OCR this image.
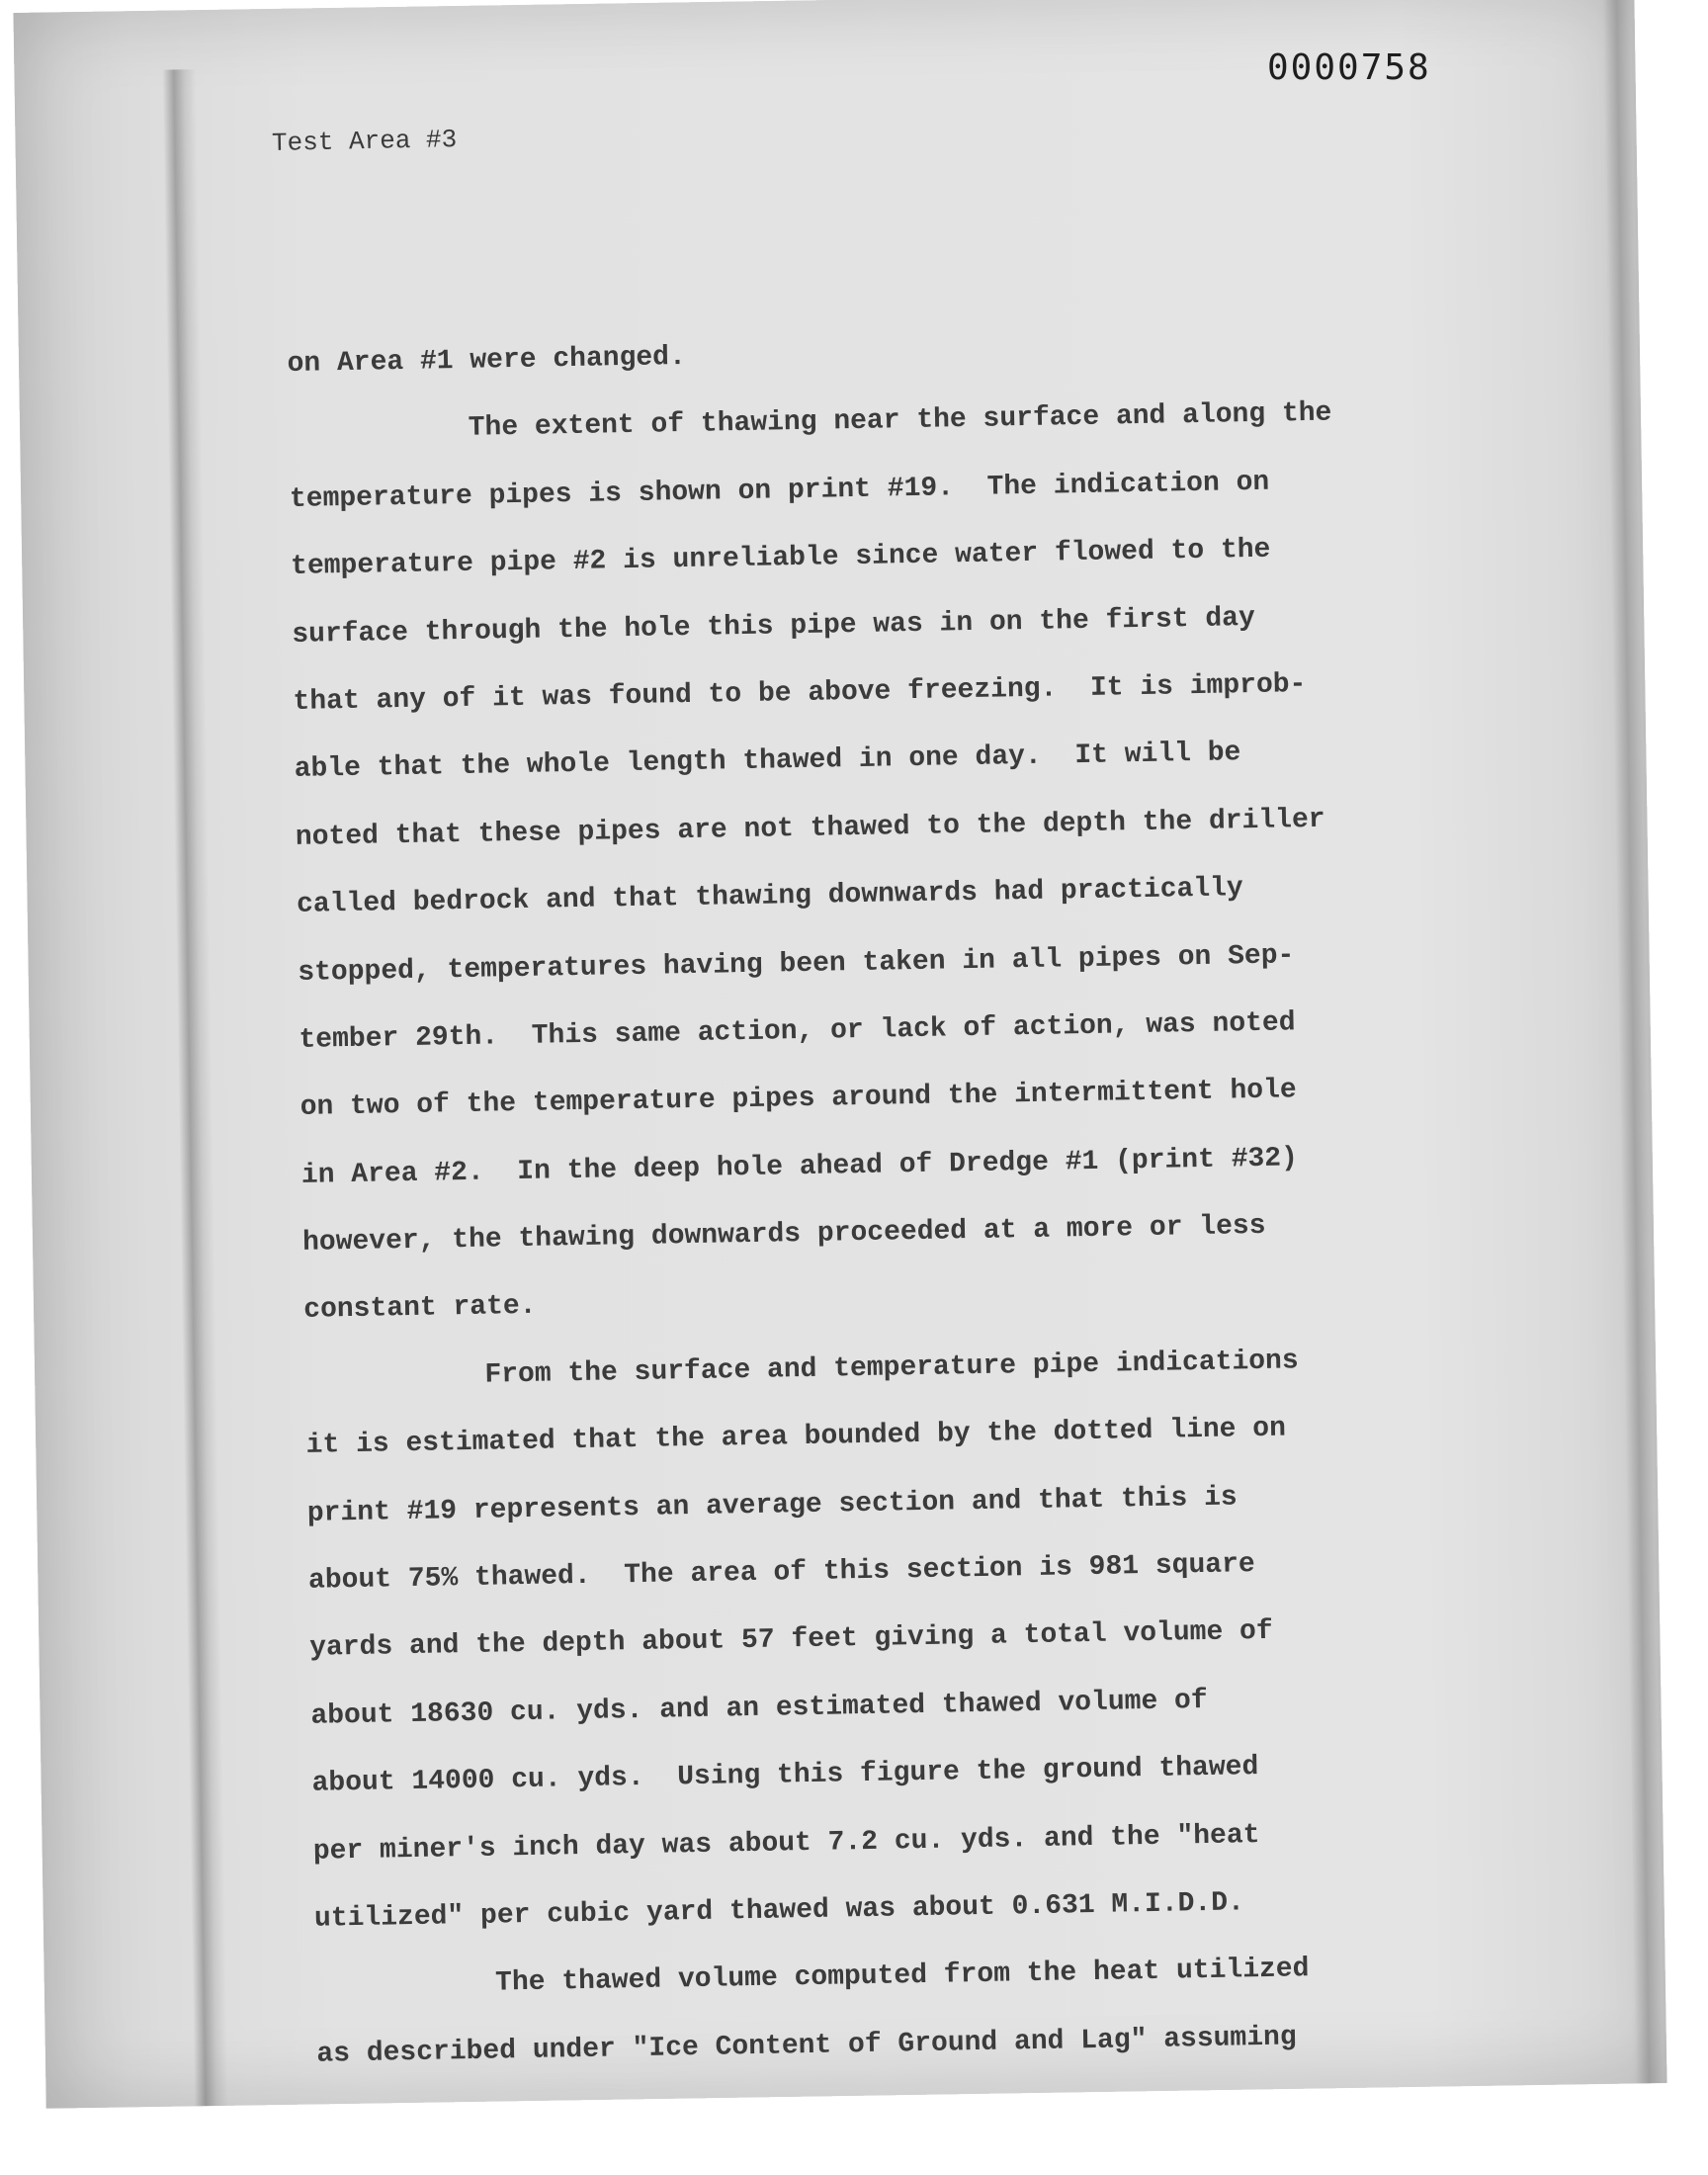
0000758
Test Area #3
on Area #1 were changed.
The extent of thawing near the surface and along the
temperature pipes is shown on print #19.  The indication on
temperature pipe #2 is unreliable since water flowed to the
surface through the hole this pipe was in on the first day
that any of it was found to be above freezing.  It is improb-
able that the whole length thawed in one day.  It will be
noted that these pipes are not thawed to the depth the driller
called bedrock and that thawing downwards had practically
stopped, temperatures having been taken in all pipes on Sep-
tember 29th.  This same action, or lack of action, was noted
on two of the temperature pipes around the intermittent hole
in Area #2.  In the deep hole ahead of Dredge #1 (print #32)
however, the thawing downwards proceeded at a more or less
constant rate.
From the surface and temperature pipe indications
it is estimated that the area bounded by the dotted line on
print #19 represents an average section and that this is
about 75% thawed.  The area of this section is 981 square
yards and the depth about 57 feet giving a total volume of
about 18630 cu. yds. and an estimated thawed volume of
about 14000 cu. yds.  Using this figure the ground thawed
per miner's inch day was about 7.2 cu. yds. and the "heat
utilized" per cubic yard thawed was about 0.631 M.I.D.D.
The thawed volume computed from the heat utilized
as described under "Ice Content of Ground and Lag" assuming
